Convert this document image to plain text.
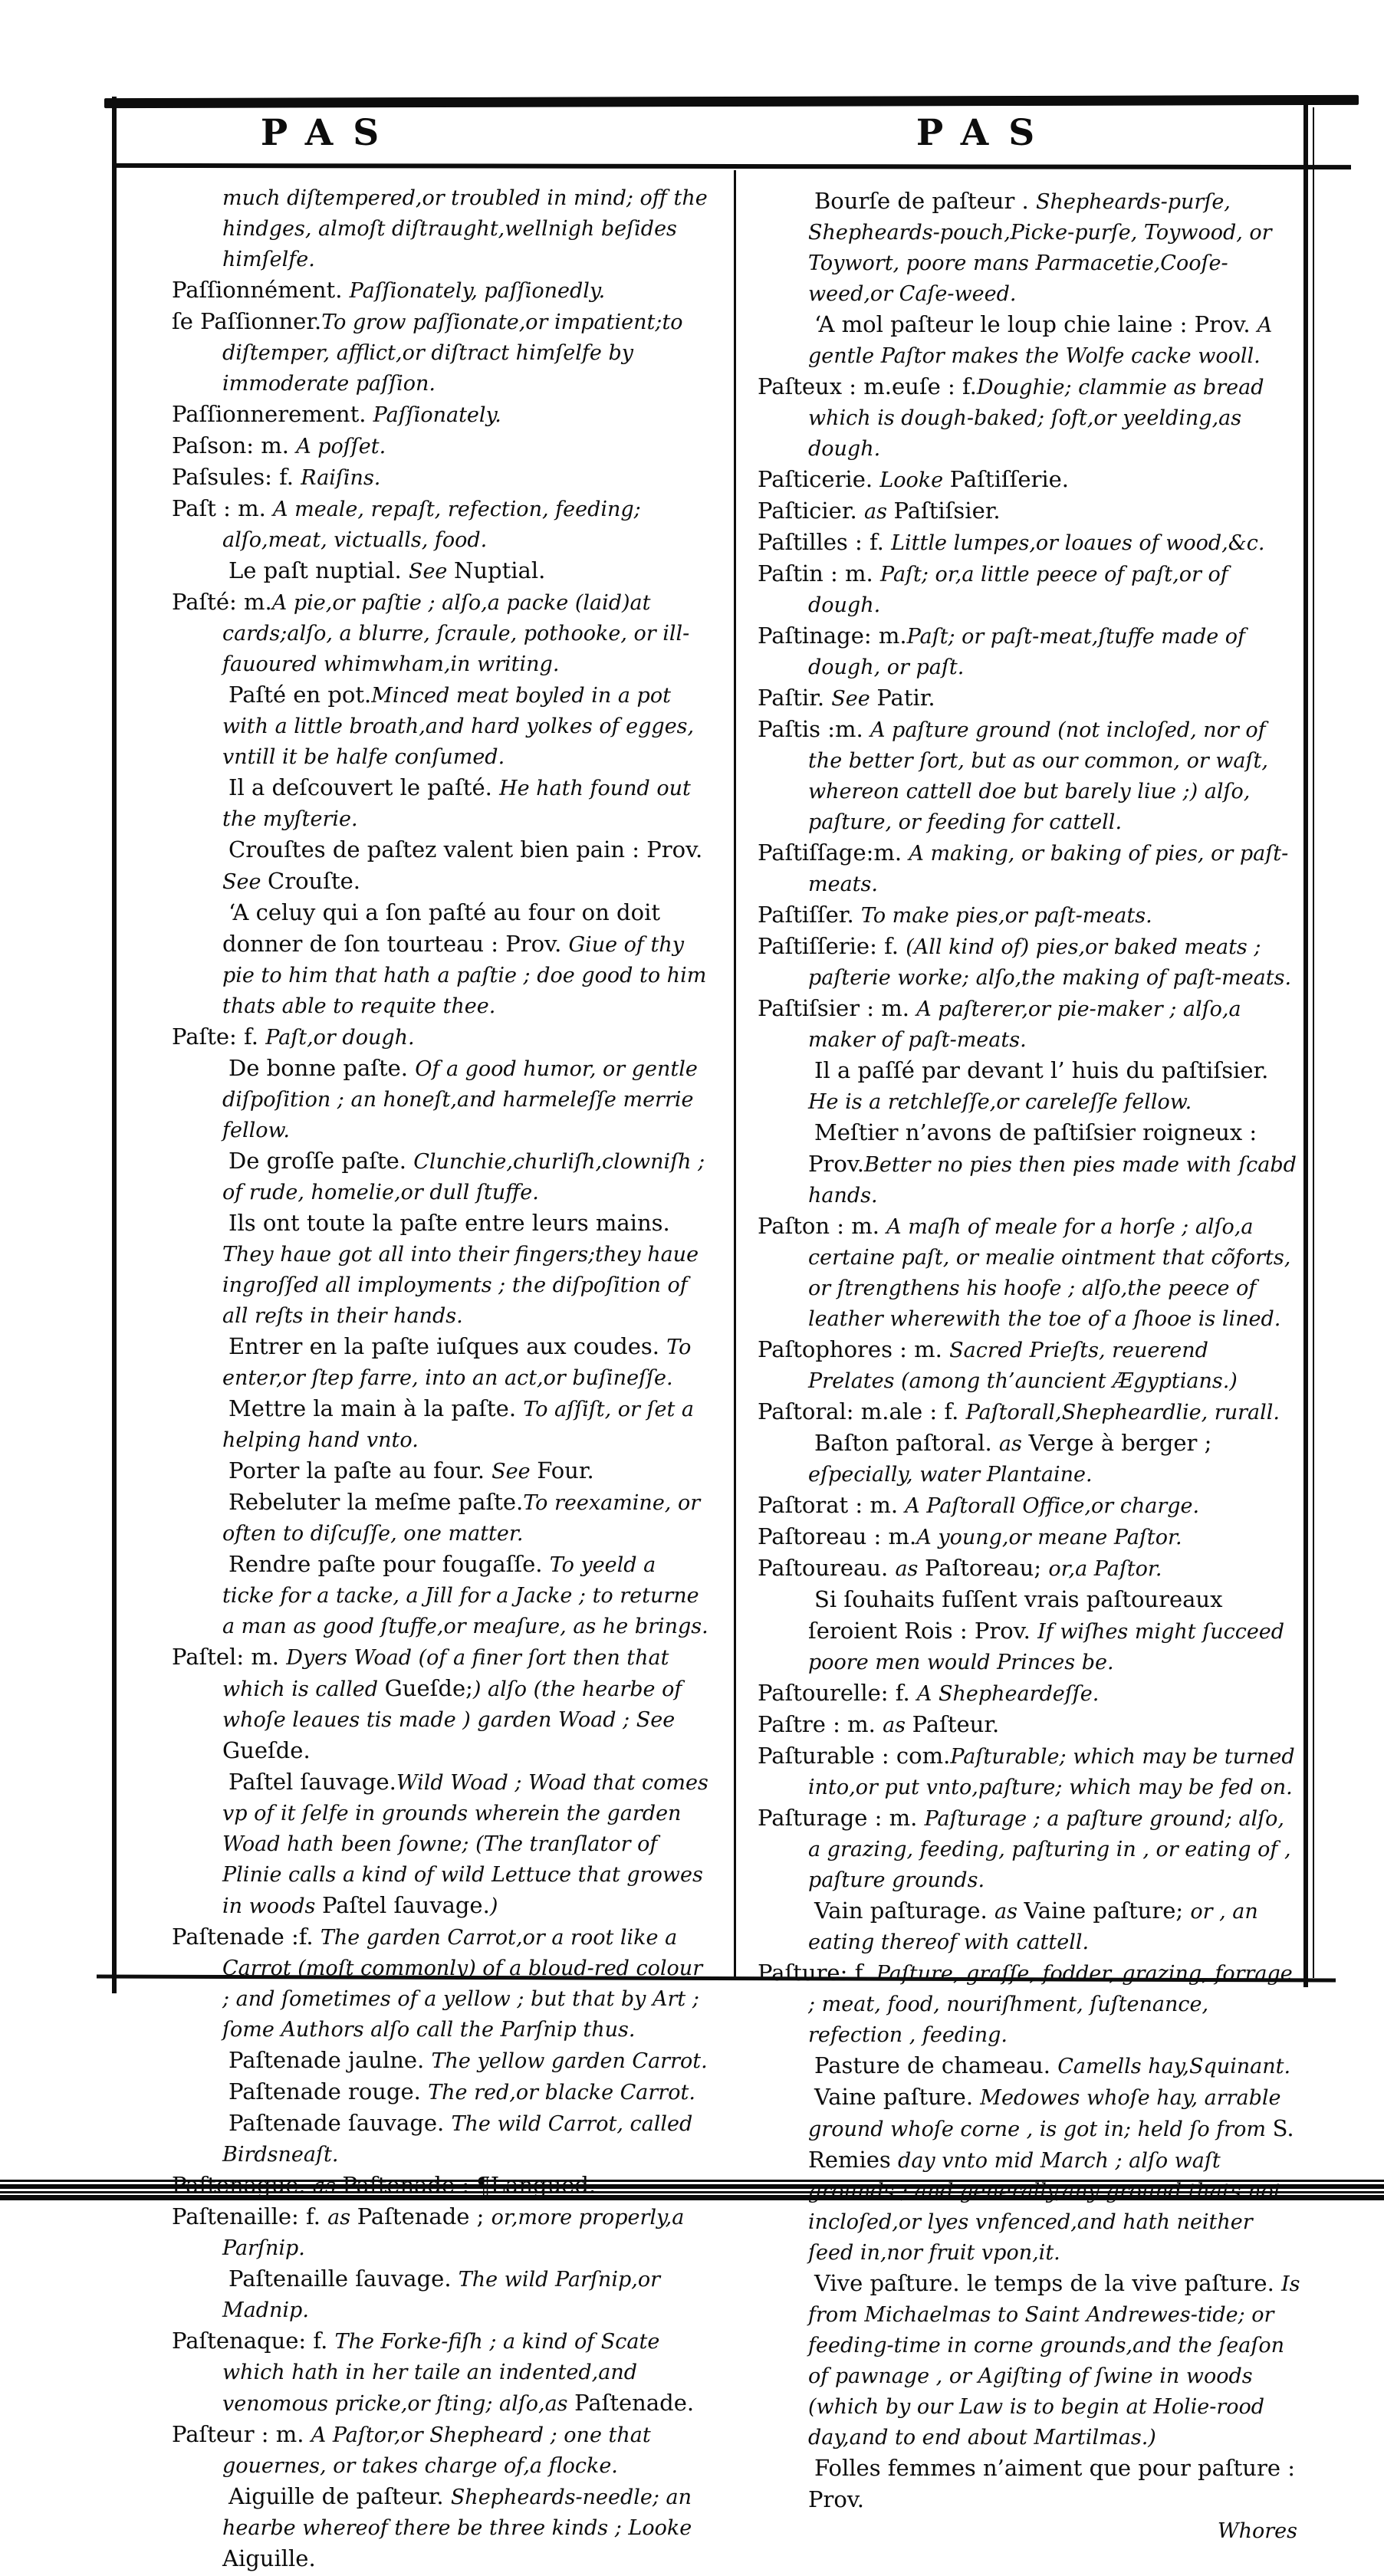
PAS	PAS

much diſtempered,or troubled in mind; off the hindges, almoſt diſtraught,wellnigh beſides himſelfe.

Paſſionnément. Paſſionately, paſſionedly.

ſe Paſſionner.To grow paſſionate,or impatient;to diſtemper, afflict,or diſtract himſelfe by immoderate paſſion.

Paſſionnerement. Paſſionately.

Paſson: m. A poſſet.

Paſsules: f. Raiſins.

Paſt : m. A meale, repaſt, refection, feeding; alſo,meat, victualls, food.

Le paſt nuptial. See Nuptial.

Paſté: m.A pie,or paſtie ; alſo,a packe (laid)at cards;alſo, a blurre, ſcraule, pothooke, or ill-fauoured whimwham,in writing.

Paſté en pot.Minced meat boyled in a pot with a little broath,and hard yolkes of egges, vntill it be halfe conſumed.

Il a deſcouvert le paſté. He hath found out the myſterie.

Crouſtes de paſtez valent bien pain : Prov. See Crouſte.

‘A celuy qui a ſon paſté au four on doit donner de ſon tourteau : Prov. Giue of thy pie to him that hath a paſtie ; doe good to him thats able to requite thee.

Paſte: f. Paſt,or dough.

De bonne paſte. Of a good humor, or gentle diſpoſition ; an honeſt,and harmeleſſe merrie fellow.

De groſſe paſte. Clunchie,churliſh,clowniſh ; of rude, homelie,or dull ſtuffe.

Ils ont toute la paſte entre leurs mains. They haue got all into their fingers;they haue ingroſſed all imployments ; the diſpoſition of all reſts in their hands.

Entrer en la paſte iuſques aux coudes. To enter,or ſtep farre, into an act,or buſineſſe.

Mettre la main à la paſte. To aſſiſt, or ſet a helping hand vnto.

Porter la paſte au four. See Four.

Rebeluter la meſme paſte.To reexamine, or often to diſcuſſe, one matter.

Rendre paſte pour fougaſſe. To yeeld a ticke for a tacke, a Jill for a Jacke ; to returne a man as good ſtuffe,or meaſure, as he brings.

Paſtel: m. Dyers Woad (of a finer ſort then that which is called Gueſde;) alſo (the hearbe of whoſe leaues tis made ) garden Woad ; See Gueſde.

Paſtel ſauvage.Wild Woad ; Woad that comes vp of it ſelfe in grounds wherein the garden Woad hath been ſowne; (The tranſlator of Plinie calls a kind of wild Lettuce that growes in woods Paſtel ſauvage.)

Paſtenade :f. The garden Carrot,or a root like a Carrot (moſt commonly) of a bloud-red colour ; and ſometimes of a yellow ; but that by Art ; ſome Authors alſo call the Parſnip thus.

Paſtenade jaulne. The yellow garden Carrot.

Paſtenade rouge. The red,or blacke Carrot.

Paſtenade ſauvage. The wild Carrot, called Birdsneaſt.

Paſtenague. as Paſtenade : ¶Langued.

Paſtenaille: f. as Paſtenade ; or,more properly,a Parſnip.

Paſtenaille ſauvage. The wild Parſnip,or Madnip.

Paſtenaque: f. The Forke-fiſh ; a kind of Scate which hath in her taile an indented,and venomous pricke,or ſting; alſo,as Paſtenade.

Paſteur : m. A Paſtor,or Shepheard ; one that gouernes, or takes charge of,a flocke.

Aiguille de paſteur. Shepheards-needle; an hearbe whereof there be three kinds ; Looke Aiguille.

Bourſe de paſteur . Shepheards-purſe, Shepheards-pouch,Picke-purſe, Toywood, or Toywort, poore mans Parmacetie,Cooſe-weed,or Caſe-weed.

‘A mol paſteur le loup chie laine : Prov. A gentle Paſtor makes the Wolfe cacke wooll.

Paſteux : m.euſe : f.Doughie; clammie as bread which is dough-baked; ſoft,or yeelding,as dough.

Paſticerie. Looke Paſtiſſerie.

Paſticier. as Paſtiſsier.

Paſtilles : f. Little lumpes,or loaues of wood,&c.

Paſtin : m. Paſt; or,a little peece of paſt,or of dough.

Paſtinage: m.Paſt; or paſt-meat,ſtuffe made of dough, or paſt.

Paſtir. See Patir.

Paſtis :m. A paſture ground (not incloſed, nor of the better ſort, but as our common, or waſt, whereon cattell doe but barely liue ;) alſo, paſture, or feeding for cattell.

Paſtiſſage:m. A making, or baking of pies, or paſt-meats.

Paſtiſſer. To make pies,or paſt-meats.

Paſtiſſerie: f. (All kind of) pies,or baked meats ; paſterie worke; alſo,the making of paſt-meats.

Paſtiſsier : m. A paſterer,or pie-maker ; alſo,a maker of paſt-meats.

Il a paſſé par devant l’ huis du paſtiſsier. He is a retchleſſe,or careleſſe fellow.

Meſtier n’avons de paſtiſsier roigneux : Prov.Better no pies then pies made with ſcabd hands.

Paſton : m. A maſh of meale for a horſe ; alſo,a certaine paſt, or mealie ointment that cõforts, or ſtrengthens his hoofe ; alſo,the peece of leather wherewith the toe of a ſhooe is lined.

Paſtophores : m. Sacred Prieſts, reuerend Prelates (among th’auncient Ægyptians.)

Paſtoral: m.ale : f. Paſtorall,Shepheardlie, rurall.

Baſton paſtoral. as Verge à berger ; eſpecially, water Plantaine.

Paſtorat : m. A Paſtorall Office,or charge.

Paſtoreau : m.A young,or meane Paſtor.

Paſtoureau. as Paſtoreau; or,a Paſtor.

Si ſouhaits fuſſent vrais paſtoureaux ſeroient Rois : Prov. If wiſhes might ſucceed poore men would Princes be.

Paſtourelle: f. A Shepheardeſſe.

Paſtre : m. as Paſteur.

Paſturable : com.Paſturable; which may be turned into,or put vnto,paſture; which may be fed on.

Paſturage : m. Paſturage ; a paſture ground; alſo, a grazing, feeding, paſturing in , or eating of , paſture grounds.

Vain paſturage. as Vaine paſture; or , an eating thereof with cattell.

Paſture: f. Paſture, graſſe, fodder, grazing, forrage ; meat, food, nouriſhment, ſuſtenance, refection , feeding.

Pasture de chameau. Camells hay,Squinant.

Vaine paſture. Medowes whoſe hay, arrable ground whoſe corne , is got in; held ſo from S. Remies day vnto mid March ; alſo waſt grounds ; and generally,any ground thats not incloſed,or lyes vnfenced,and hath neither ſeed in,nor fruit vpon,it.

Vive paſture. le temps de la vive paſture. Is from Michaelmas to Saint Andrewes-tide; or feeding-time in corne grounds,and the ſeaſon of pawnage , or Agiſting of ſwine in woods (which by our Law is to begin at Holie-rood day,and to end about Martilmas.)

Folles femmes n’aiment que pour paſture : Prov.

Whores
